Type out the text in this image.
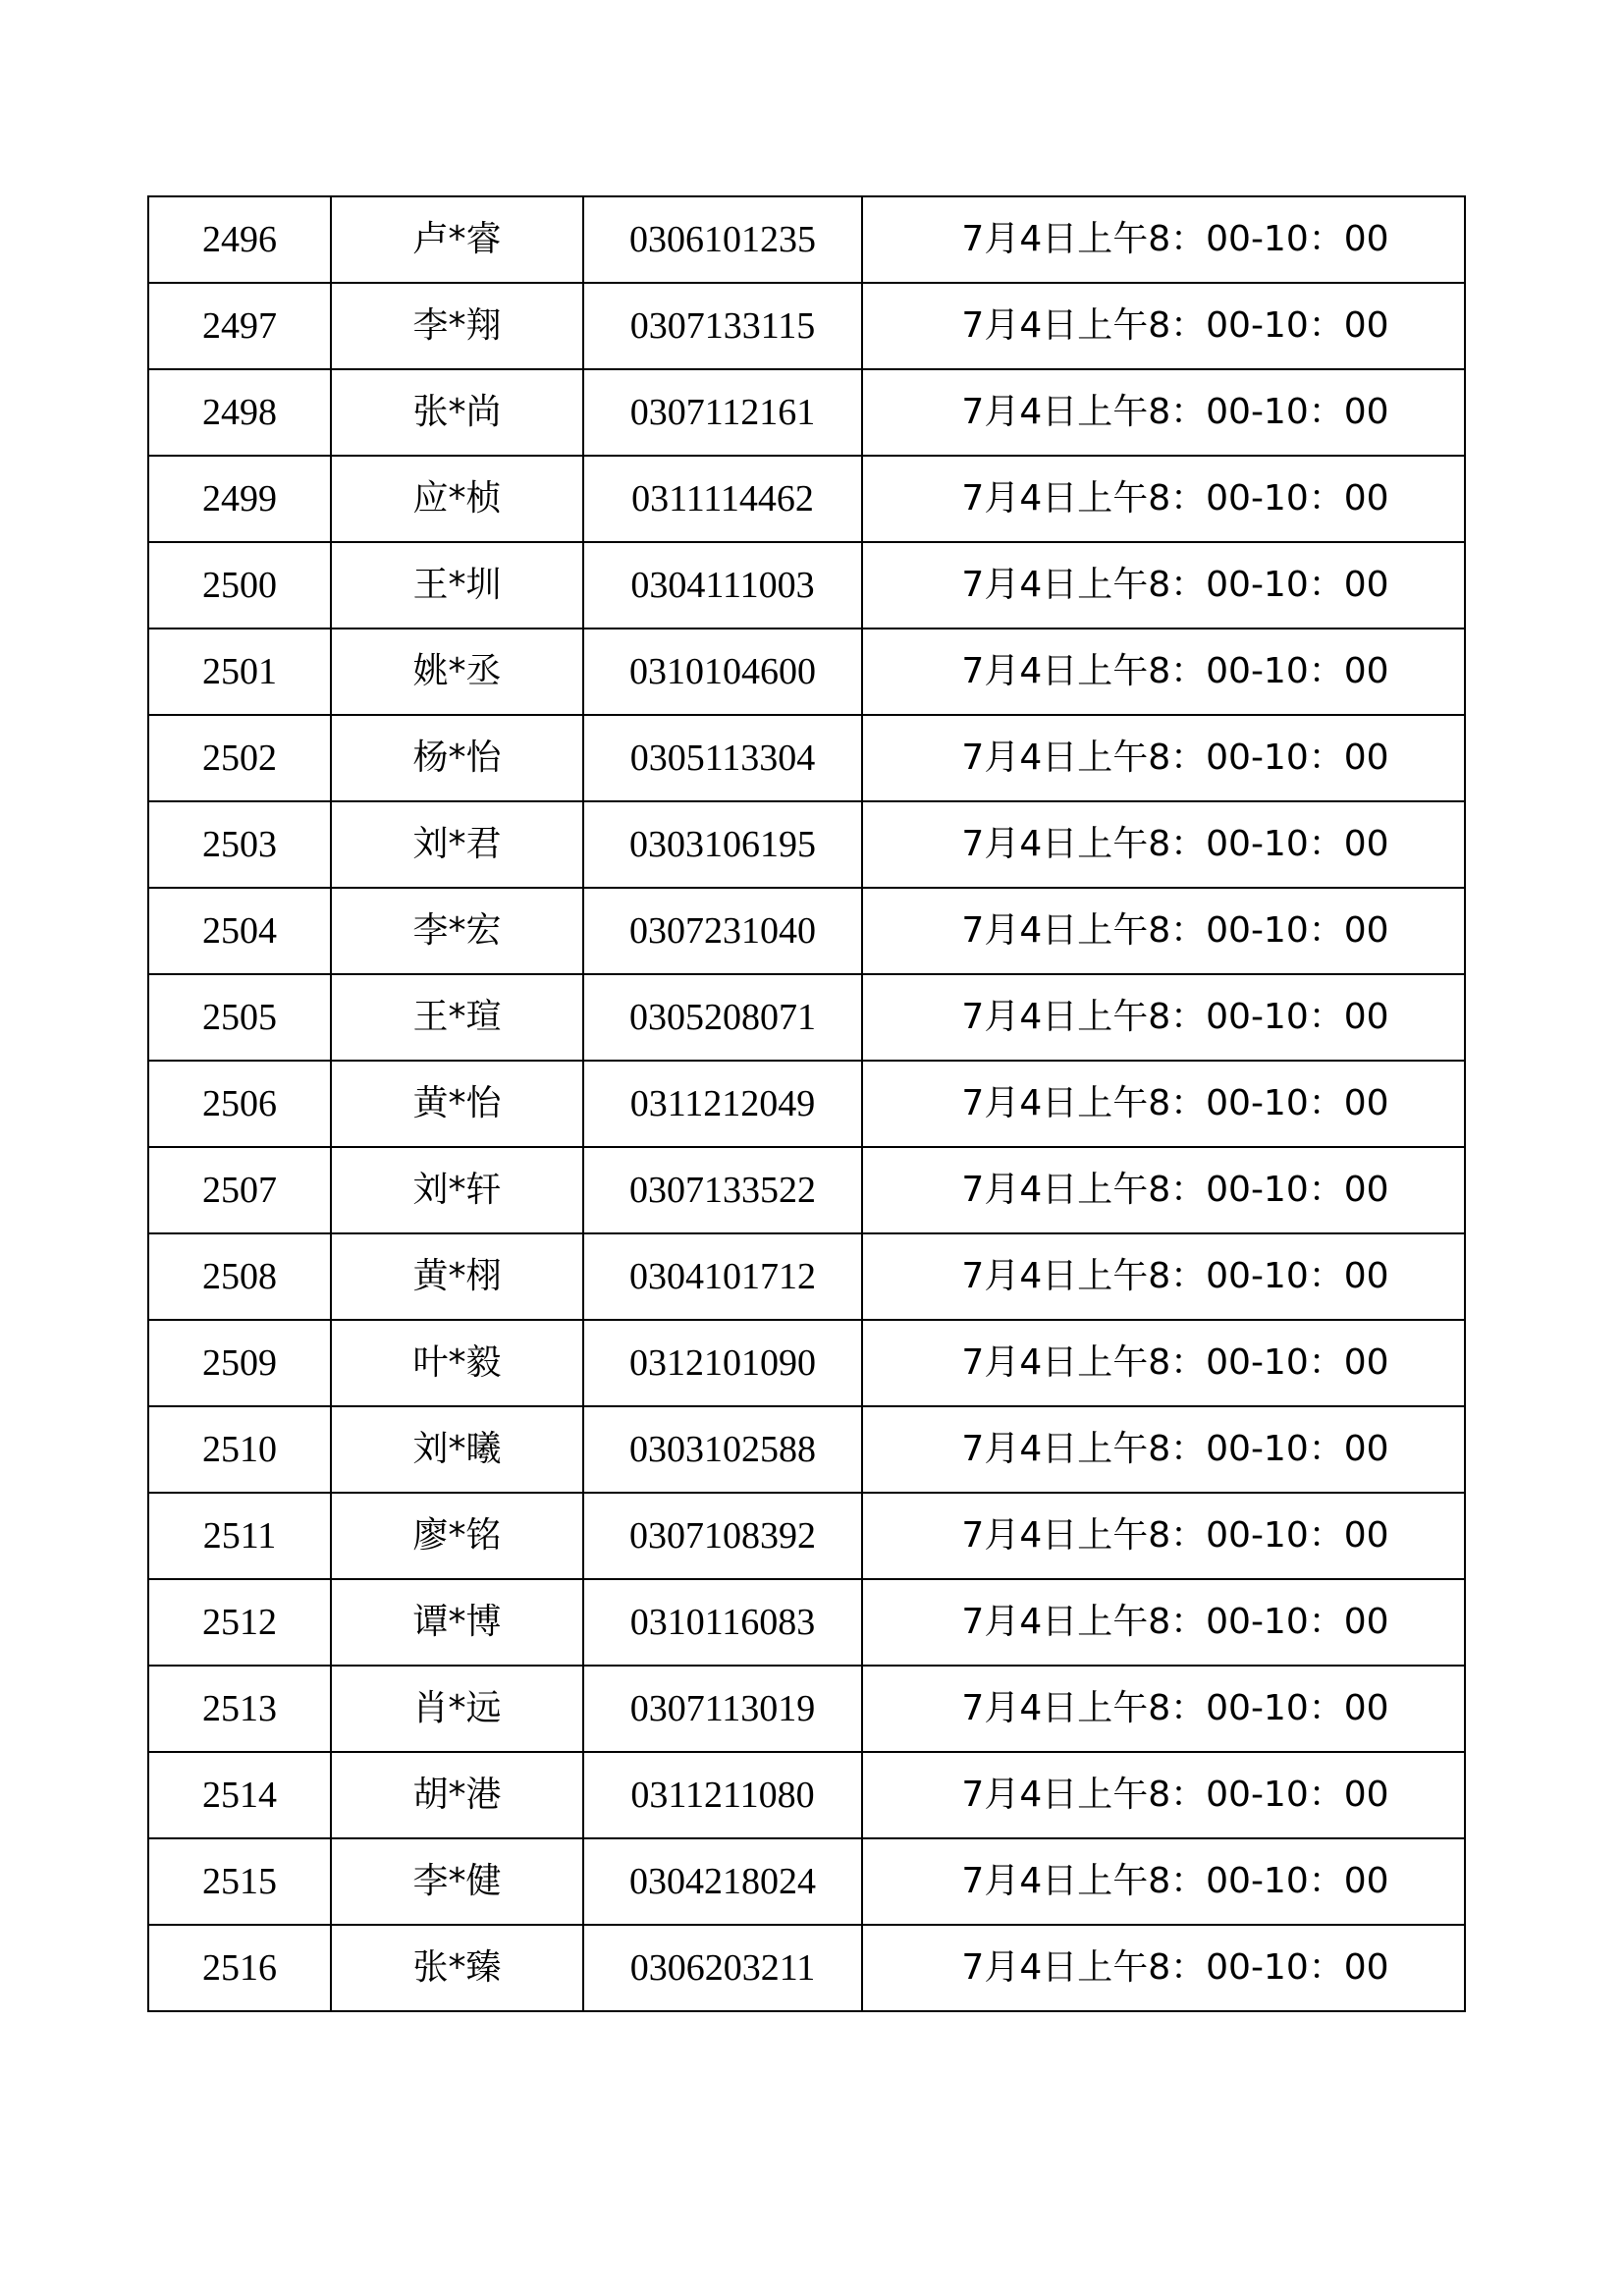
2496	卢*睿	0306101235	7月4日上午8：00-10：00
2497	李*翔	0307133115	7月4日上午8：00-10：00
2498	张*尚	0307112161	7月4日上午8：00-10：00
2499	应*桢	0311114462	7月4日上午8：00-10：00
2500	王*圳	0304111003	7月4日上午8：00-10：00
2501	姚*丞	0310104600	7月4日上午8：00-10：00
2502	杨*怡	0305113304	7月4日上午8：00-10：00
2503	刘*君	0303106195	7月4日上午8：00-10：00
2504	李*宏	0307231040	7月4日上午8：00-10：00
2505	王*瑄	0305208071	7月4日上午8：00-10：00
2506	黄*怡	0311212049	7月4日上午8：00-10：00
2507	刘*轩	0307133522	7月4日上午8：00-10：00
2508	黄*栩	0304101712	7月4日上午8：00-10：00
2509	叶*毅	0312101090	7月4日上午8：00-10：00
2510	刘*曦	0303102588	7月4日上午8：00-10：00
2511	廖*铭	0307108392	7月4日上午8：00-10：00
2512	谭*博	0310116083	7月4日上午8：00-10：00
2513	肖*远	0307113019	7月4日上午8：00-10：00
2514	胡*港	0311211080	7月4日上午8：00-10：00
2515	李*健	0304218024	7月4日上午8：00-10：00
2516	张*臻	0306203211	7月4日上午8：00-10：00
